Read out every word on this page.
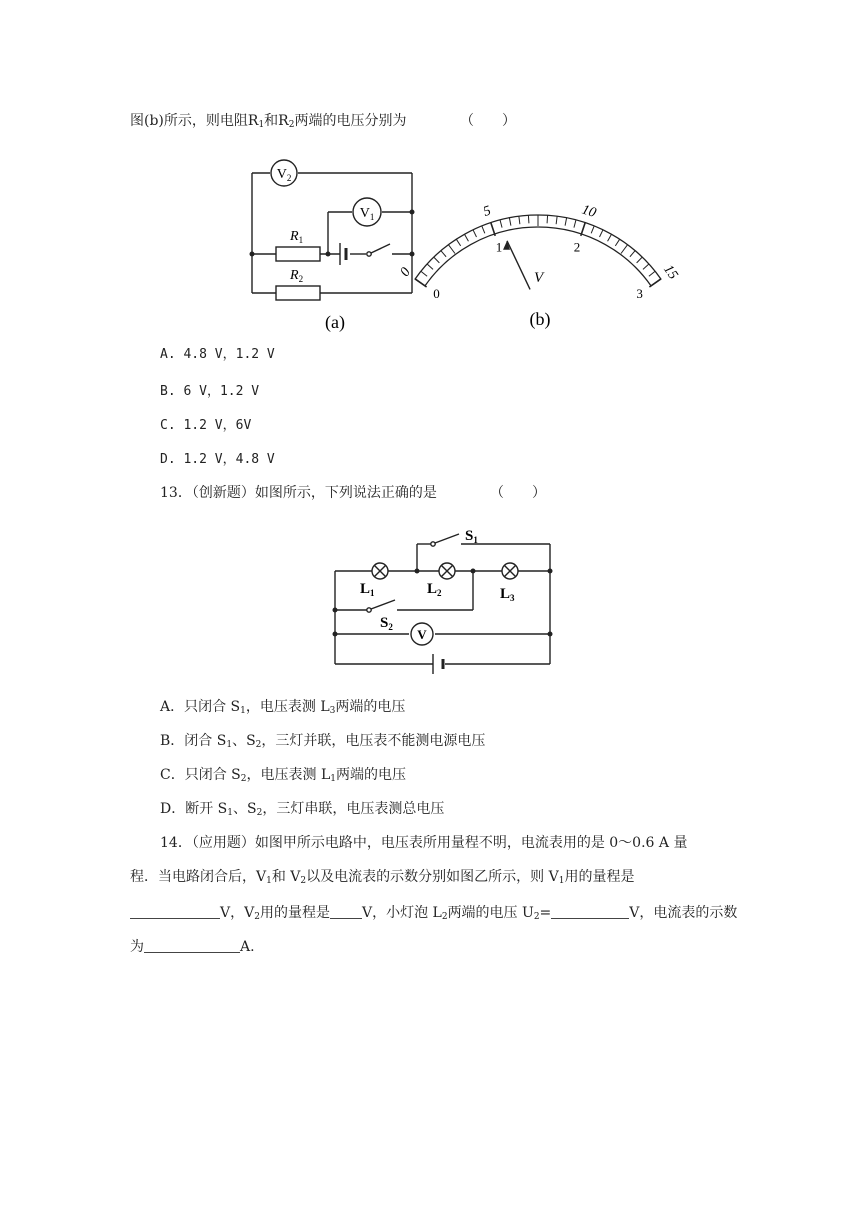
图(b)所示，则电阻$R_1$和$R_2$两端的电压分别为	（　　）
$V_2$
$V_1$
$R_1$
$R_2$
(a)
0
5	10
15
0
1	2
3
V
(b)
A. 4.8 V，1.2 V
B. 6 V，1.2 V
C. 1.2 V，6V
D. 1.2 V，4.8 V
13．（创新题）如图所示，下列说法正确的是	（　　）
V
$S_1$
$S_2$
$L_1$	$L_2$	$L_3$
A．只闭合 $S_1$，电压表测 $L_3$两端的电压
B．闭合 $S_1$、$S_2$，三灯并联，电压表不能测电源电压
C．只闭合 $S_2$，电压表测 $L_1$两端的电压
D．断开 $S_1$、$S_2$，三灯串联，电压表测总电压
14．（应用题）如图甲所示电路中，电压表所用量程不明，电流表用的是 0～0.6 A 量
程．当电路闭合后，$V_1$和 $V_2$以及电流表的示数分别如图乙所示，则 $V_1$用的量程是
V，$V_2$用的量程是 V，小灯泡 $L_2$两端的电压 $U_2=$	V，电流表的示数
为	A.
